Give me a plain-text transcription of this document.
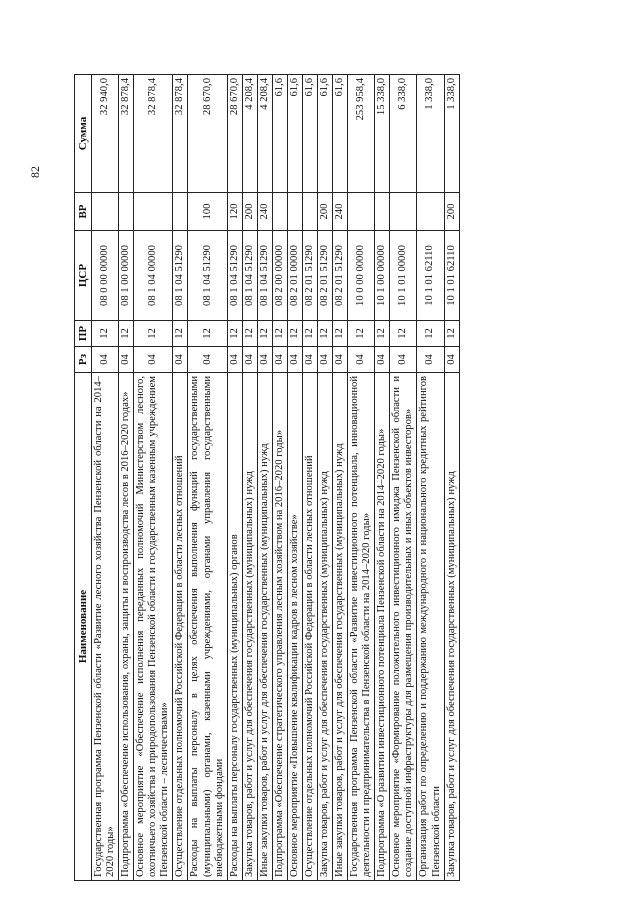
82
Наименование	Рз	ПР	ЦСР	ВР	Сумма
Государственная программа Пензенской области «Развитие лесного хозяйства Пензенской области на 2014–2020 годы»	04	12	08 0 00 00000		32 940,0
Подпрограмма «Обеспечение использования, охраны, защиты и воспроизводства лесов в 2016–2020 годах»	04	12	08 1 00 00000		32 878,4
Основное мероприятие «Обеспечение исполнения переданных полномочий Министерством лесного, охотничьего хозяйства и природопользования Пензенской области и государственным казенным учреждением Пензенской области – лесничествами»	04	12	08 1 04 00000		32 878,4
Осуществление отдельных полномочий Российской Федерации в области лесных отношений	04	12	08 1 04 51290		32 878,4
Расходы на выплаты персоналу в целях обеспечения выполнения функций государственными (муниципальными) органами, казенными учреждениями, органами управления государственными внебюджетными фондами	04	12	08 1 04 51290	100	28 670,0
Расходы на выплаты персоналу государственных (муниципальных) органов	04	12	08 1 04 51290	120	28 670,0
Закупка товаров, работ и услуг для обеспечения государственных (муниципальных) нужд	04	12	08 1 04 51290	200	4 208,4
Иные закупки товаров, работ и услуг для обеспечения государственных (муниципальных) нужд	04	12	08 1 04 51290	240	4 208,4
Подпрограмма «Обеспечение стратегического управления лесным хозяйством на 2016–2020 годы»	04	12	08 2 00 00000		61,6
Основное мероприятие «Повышение квалификации кадров в лесном хозяйстве»	04	12	08 2 01 00000		61,6
Осуществление отдельных полномочий Российской Федерации в области лесных отношений	04	12	08 2 01 51290		61,6
Закупка товаров, работ и услуг для обеспечения государственных (муниципальных) нужд	04	12	08 2 01 51290	200	61,6
Иные закупки товаров, работ и услуг для обеспечения государственных (муниципальных) нужд	04	12	08 2 01 51290	240	61,6
Государственная программа Пензенской области «Развитие инвестиционного потенциала, инновационной деятельности и предпринимательства в Пензенской области на 2014–2020 годы»	04	12	10 0 00 00000		253 958,4
Подпрограмма «О развитии инвестиционного потенциала Пензенской области на 2014–2020 годы»	04	12	10 1 00 00000		15 338,0
Основное мероприятие «Формирование положительного инвестиционного имиджа Пензенской области и создание доступной инфраструктуры для размещения производительных и иных объектов инвесторов»	04	12	10 1 01 00000		6 338,0
Организация работ по определению и поддержанию международного и национального кредитных рейтингов Пензенской области	04	12	10 1 01 62110		1 338,0
Закупка товаров, работ и услуг для обеспечения государственных (муниципальных) нужд	04	12	10 1 01 62110	200	1 338,0
